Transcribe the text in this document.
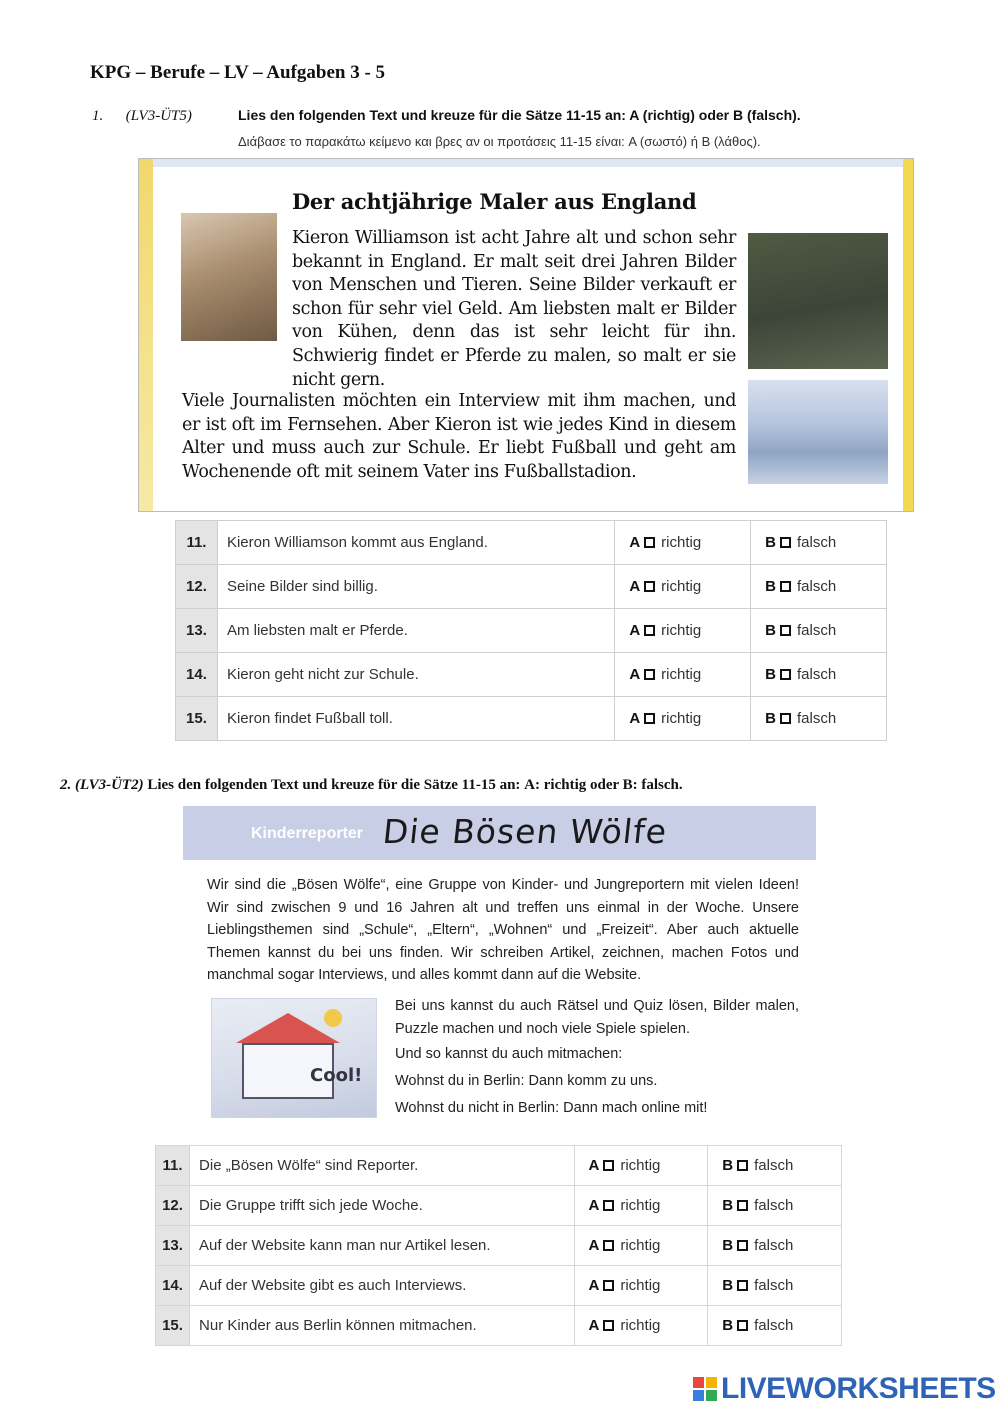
KPG – Berufe – LV – Aufgaben 3 - 5
1. (LV3-ÜT5)	Lies den folgenden Text und kreuze für die Sätze 11-15 an: A (richtig) oder B (falsch).
Διάβασε το παρακάτω κείμενο και βρες αν οι προτάσεις 11-15 είναι: A (σωστό) ή B (λάθος).
Der achtjährige Maler aus England
Kieron Williamson ist acht Jahre alt und schon sehr bekannt in England. Er malt seit drei Jahren Bilder von Menschen und Tieren. Seine Bilder verkauft er schon für sehr viel Geld. Am liebsten malt er Bilder von Kühen, denn das ist sehr leicht für ihn. Schwierig findet er Pferde zu malen, so malt er sie nicht gern.
Viele Journalisten möchten ein Interview mit ihm machen, und er ist oft im Fernsehen. Aber Kieron ist wie jedes Kind in diesem Alter und muss auch zur Schule. Er liebt Fußball und geht am Wochenende oft mit seinem Vater ins Fußballstadion.
11.	Kieron Williamson kommt aus England.	A richtig	B falsch
12.	Seine Bilder sind billig.	A richtig	B falsch
13.	Am liebsten malt er Pferde.	A richtig	B falsch
14.	Kieron geht nicht zur Schule.	A richtig	B falsch
15.	Kieron findet Fußball toll.	A richtig	B falsch
2. (LV3-ÜT2) Lies den folgenden Text und kreuze fϋr die Sätze 11-15 an: Α: richtig oder B: falsch.
Kinderreporter Die Bösen Wölfe
Wir sind die „Bösen Wölfe“, eine Gruppe von Kinder- und Jungreportern mit vielen Ideen! Wir sind zwischen 9 und 16 Jahren alt und treffen uns einmal in der Woche. Unsere Lieblingsthemen sind „Schule“, „Eltern“, „Wohnen“ und „Freizeit“. Aber auch aktuelle Themen kannst du bei uns finden. Wir schreiben Artikel, zeichnen, machen Fotos und manchmal sogar Interviews, und alles kommt dann auf die Website.
Cool!
Bei uns kannst du auch Rätsel und Quiz lösen, Bilder malen, Puzzle machen und noch viele Spiele spielen.
Und so kannst du auch mitmachen:
Wohnst du in Berlin: Dann komm zu uns.
Wohnst du nicht in Berlin: Dann mach online mit!
11.	Die „Bösen Wölfe“ sind Reporter.	A richtig	B falsch
12.	Die Gruppe trifft sich jede Woche.	A richtig	B falsch
13.	Auf der Website kann man nur Artikel lesen.	A richtig	B falsch
14.	Auf der Website gibt es auch Interviews.	A richtig	B falsch
15.	Nur Kinder aus Berlin können mitmachen.	A richtig	B falsch
LIVEWORKSHEETS
